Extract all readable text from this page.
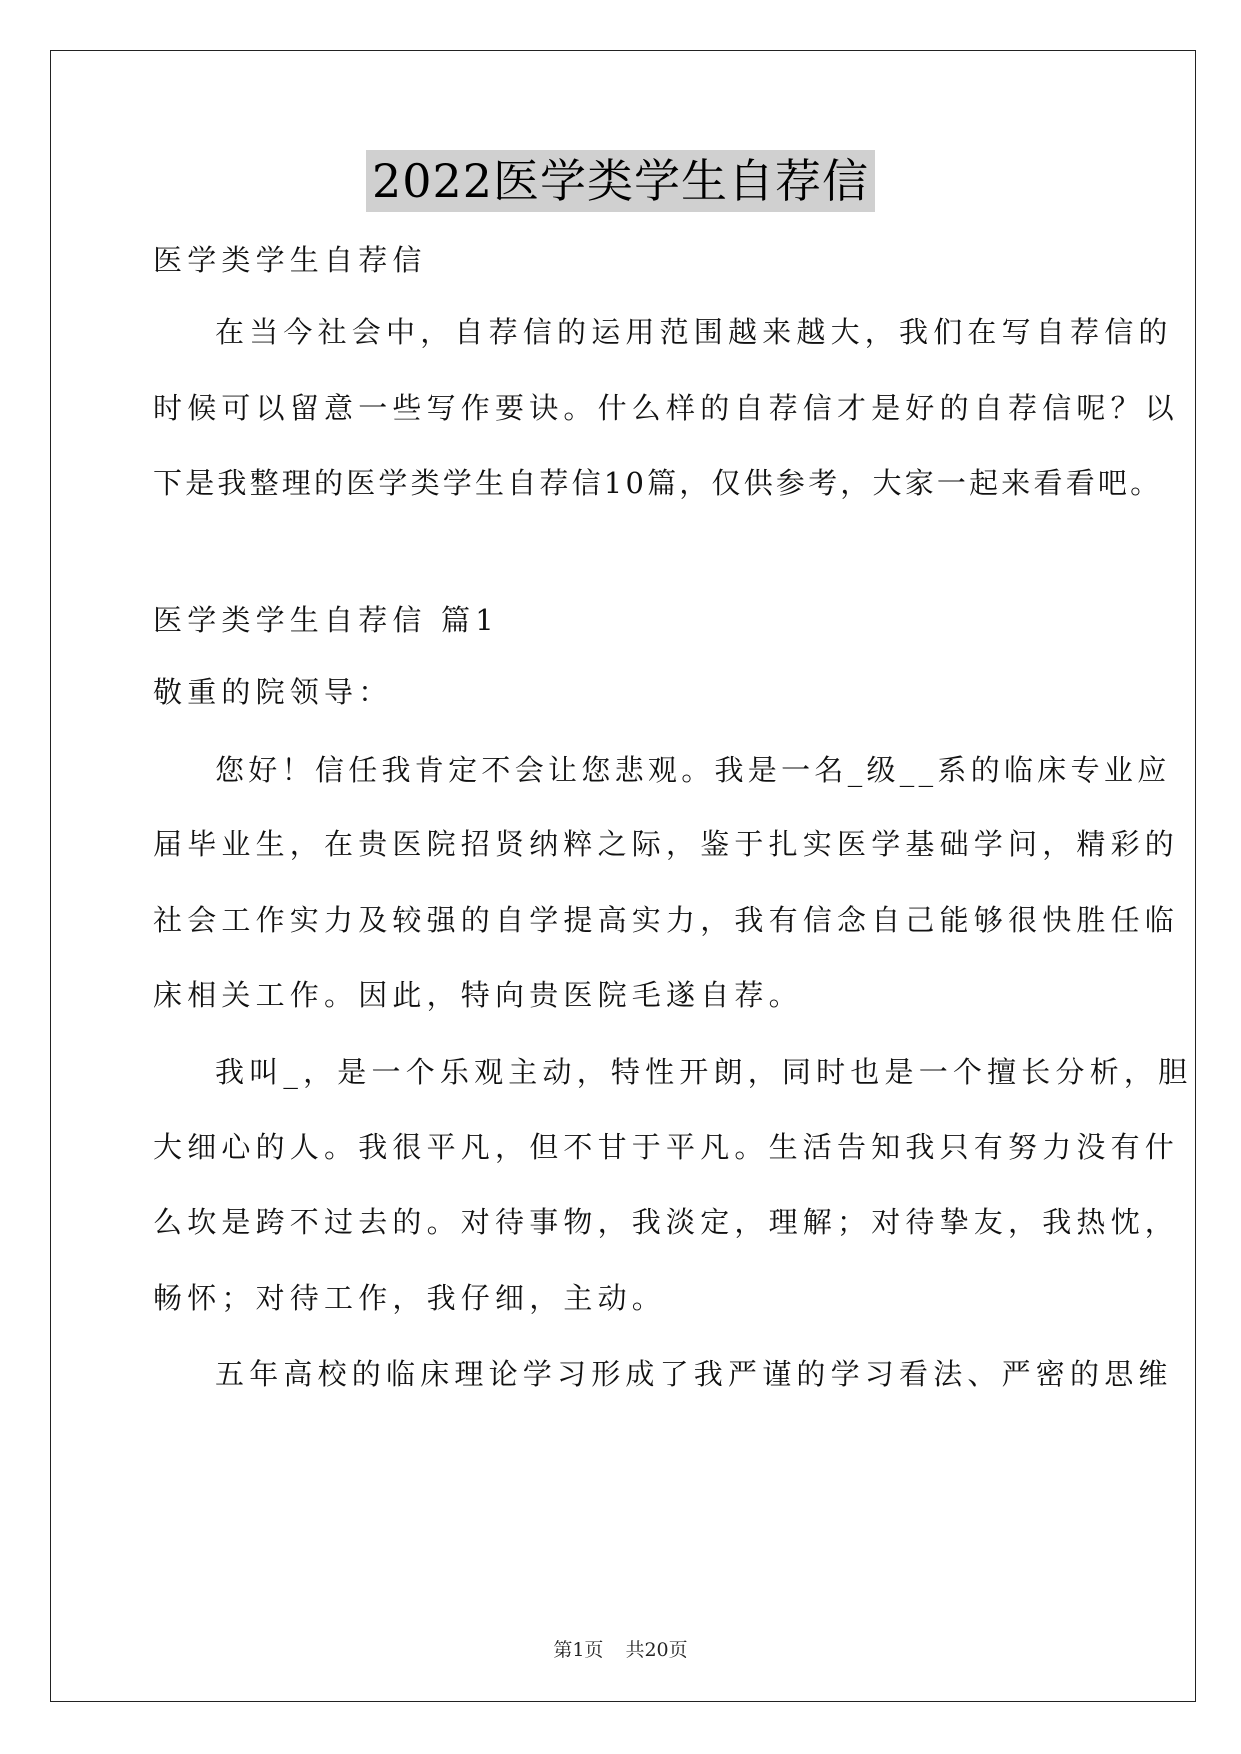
2022医学类学生自荐信
医学类学生自荐信
在当今社会中，自荐信的运用范围越来越大，我们在写自荐信的
时候可以留意一些写作要诀。什么样的自荐信才是好的自荐信呢？以
下是我整理的医学类学生自荐信10篇，仅供参考，大家一起来看看吧。
医学类学生自荐信 篇1
敬重的院领导：
您好！信任我肯定不会让您悲观。我是一名_级__系的临床专业应
届毕业生，在贵医院招贤纳粹之际，鉴于扎实医学基础学问，精彩的
社会工作实力及较强的自学提高实力，我有信念自己能够很快胜任临
床相关工作。因此，特向贵医院毛遂自荐。
我叫_，是一个乐观主动，特性开朗，同时也是一个擅长分析，胆
大细心的人。我很平凡，但不甘于平凡。生活告知我只有努力没有什
么坎是跨不过去的。对待事物，我淡定，理解；对待挚友，我热忱，
畅怀；对待工作，我仔细，主动。
五年高校的临床理论学习形成了我严谨的学习看法、严密的思维
第1页 共20页
